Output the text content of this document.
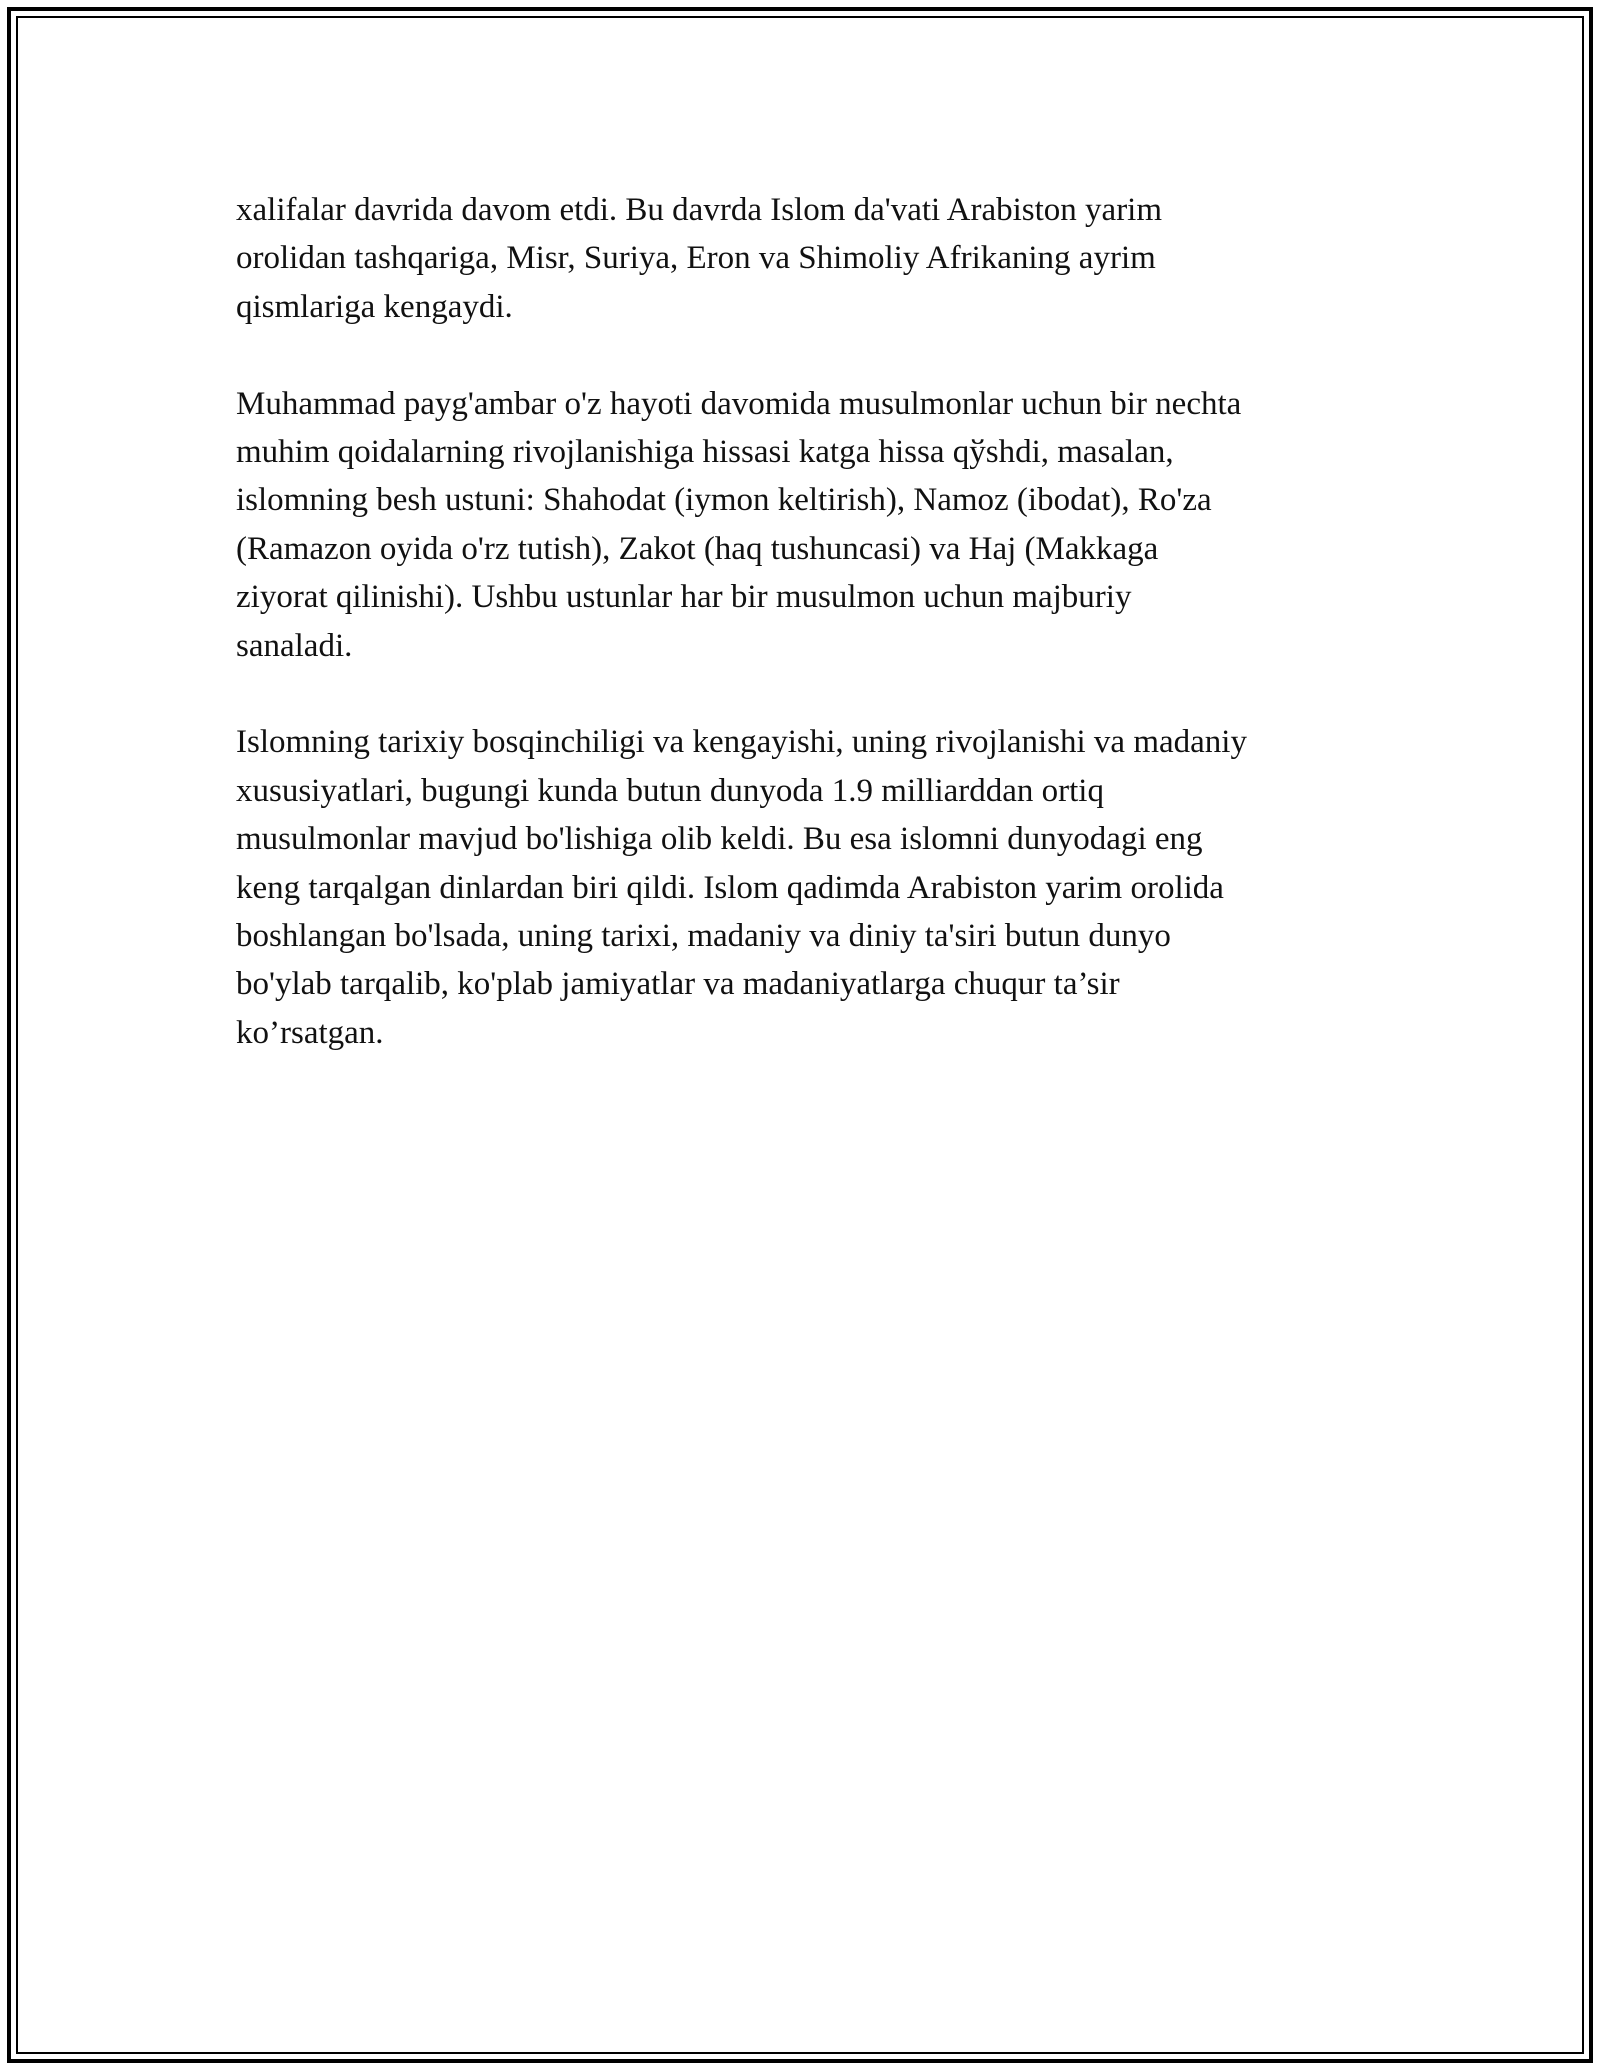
xalifalar davrida davom etdi. Bu davrda Islom da'vati Arabiston yarim
orolidan tashqariga, Misr, Suriya, Eron va Shimoliy Afrikaning ayrim
qismlariga kengaydi.

Muhammad payg'ambar o'z hayoti davomida musulmonlar uchun bir nechta
muhim qoidalarning rivojlanishiga hissasi katga hissa qўshdi, masalan,
islomning besh ustuni: Shahodat (iymon keltirish), Namoz (ibodat), Ro'za
(Ramazon oyida o'rz tutish), Zakot (haq tushuncasi) va Haj (Makkaga
ziyorat qilinishi). Ushbu ustunlar har bir musulmon uchun majburiy
sanaladi.

Islomning tarixiy bosqinchiligi va kengayishi, uning rivojlanishi va madaniy
xususiyatlari, bugungi kunda butun dunyoda 1.9 milliarddan ortiq
musulmonlar mavjud bo'lishiga olib keldi. Bu esa islomni dunyodagi eng
keng tarqalgan dinlardan biri qildi. Islom qadimda Arabiston yarim orolida
boshlangan bo'lsada, uning tarixi, madaniy va diniy ta'siri butun dunyo
bo'ylab tarqalib, ko'plab jamiyatlar va madaniyatlarga chuqur ta’sir
ko’rsatgan.
